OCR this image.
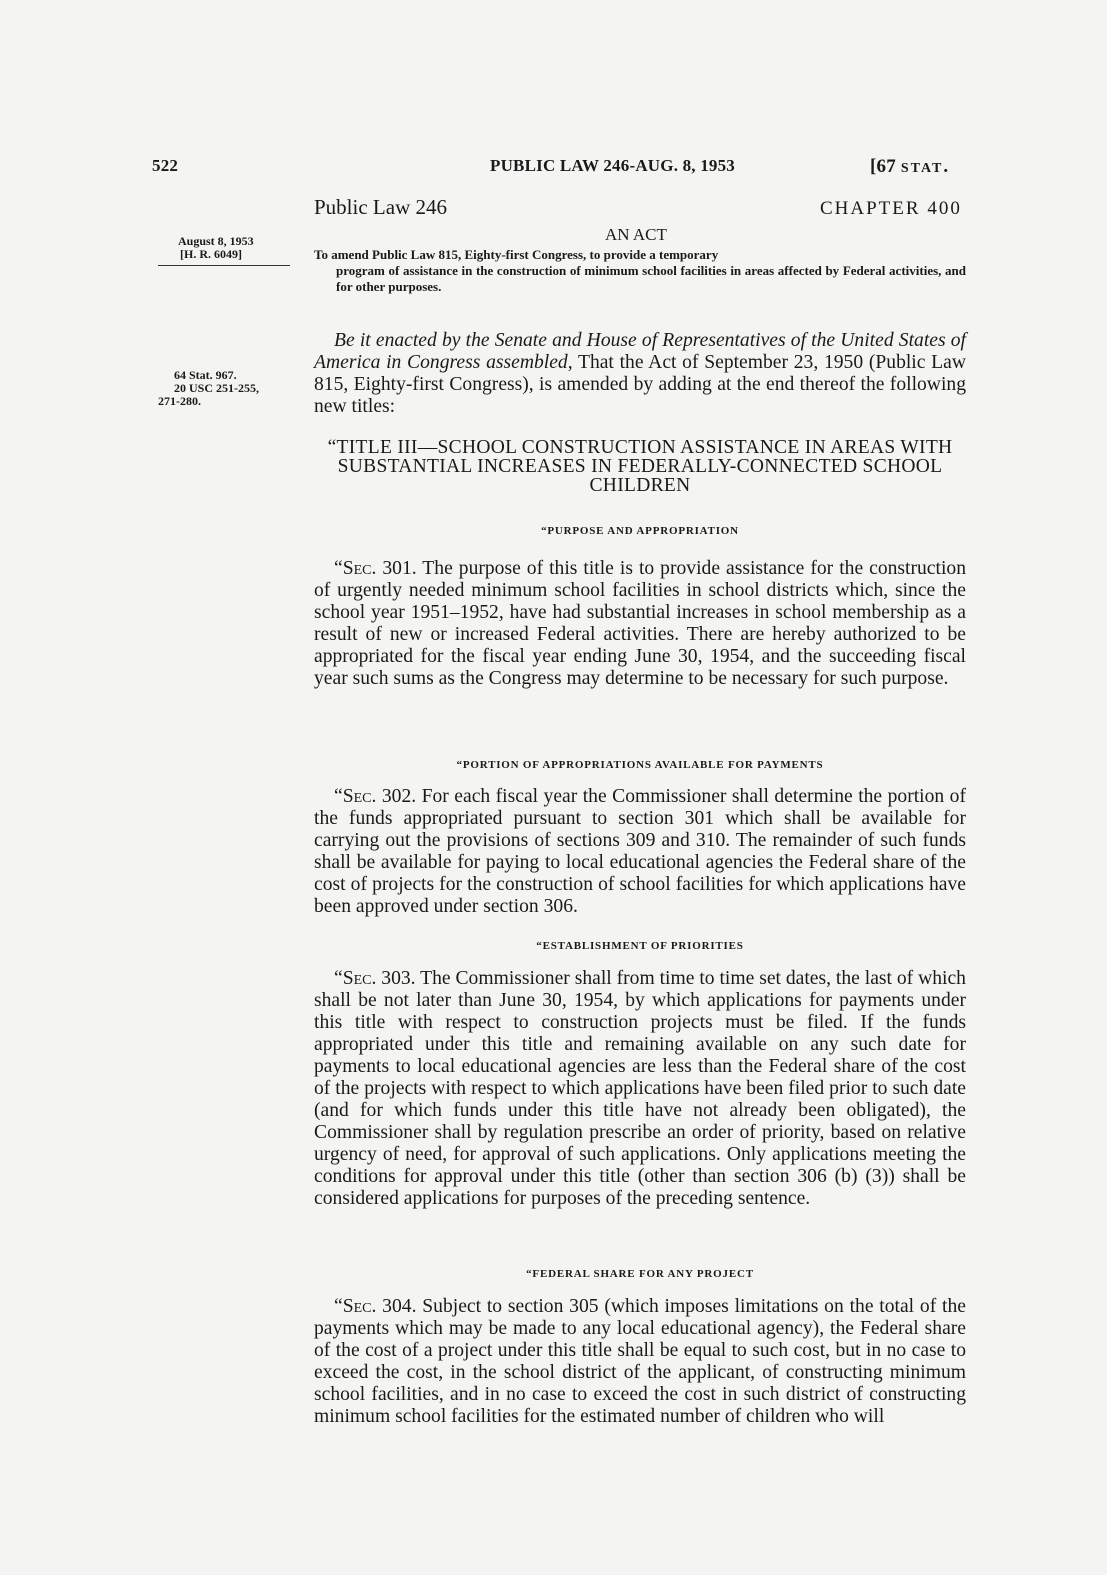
522	PUBLIC LAW 246-AUG. 8, 1953	[67 STAT.
Public Law 246	CHAPTER 400
August 8, 1953
[H. R. 6049]
AN ACT
To amend Public Law 815, Eighty-first Congress, to provide a temporary
program of assistance in the construction of minimum school facilities in areas affected by Federal activities, and for other purposes.
64 Stat. 967.
20 USC 251-255,
271-280.
Be it enacted by the Senate and House of Representatives of the United States of America in Congress assembled, That the Act of September 23, 1950 (Public Law 815, Eighty-first Congress), is amended by adding at the end thereof the following new titles:
“TITLE III—SCHOOL CONSTRUCTION ASSISTANCE IN AREAS WITH SUBSTANTIAL INCREASES IN FEDERALLY-CONNECTED SCHOOL CHILDREN
“PURPOSE AND APPROPRIATION
“Sec. 301. The purpose of this title is to provide assistance for the construction of urgently needed minimum school facilities in school districts which, since the school year 1951–1952, have had substantial increases in school membership as a result of new or increased Federal activities. There are hereby authorized to be appropriated for the fiscal year ending June 30, 1954, and the succeeding fiscal year such sums as the Congress may determine to be necessary for such purpose.
“PORTION OF APPROPRIATIONS AVAILABLE FOR PAYMENTS
“Sec. 302. For each fiscal year the Commissioner shall determine the portion of the funds appropriated pursuant to section 301 which shall be available for carrying out the provisions of sections 309 and 310. The remainder of such funds shall be available for paying to local educational agencies the Federal share of the cost of projects for the construction of school facilities for which applications have been approved under section 306.
“ESTABLISHMENT OF PRIORITIES
“Sec. 303. The Commissioner shall from time to time set dates, the last of which shall be not later than June 30, 1954, by which applications for payments under this title with respect to construction projects must be filed. If the funds appropriated under this title and remaining available on any such date for payments to local educational agencies are less than the Federal share of the cost of the projects with respect to which applications have been filed prior to such date (and for which funds under this title have not already been obligated), the Commissioner shall by regulation prescribe an order of priority, based on relative urgency of need, for approval of such applications. Only applications meeting the conditions for approval under this title (other than section 306 (b) (3)) shall be considered applications for purposes of the preceding sentence.
“FEDERAL SHARE FOR ANY PROJECT
“Sec. 304. Subject to section 305 (which imposes limitations on the total of the payments which may be made to any local educational agency), the Federal share of the cost of a project under this title shall be equal to such cost, but in no case to exceed the cost, in the school district of the applicant, of constructing minimum school facilities, and in no case to exceed the cost in such district of constructing minimum school facilities for the estimated number of children who will
